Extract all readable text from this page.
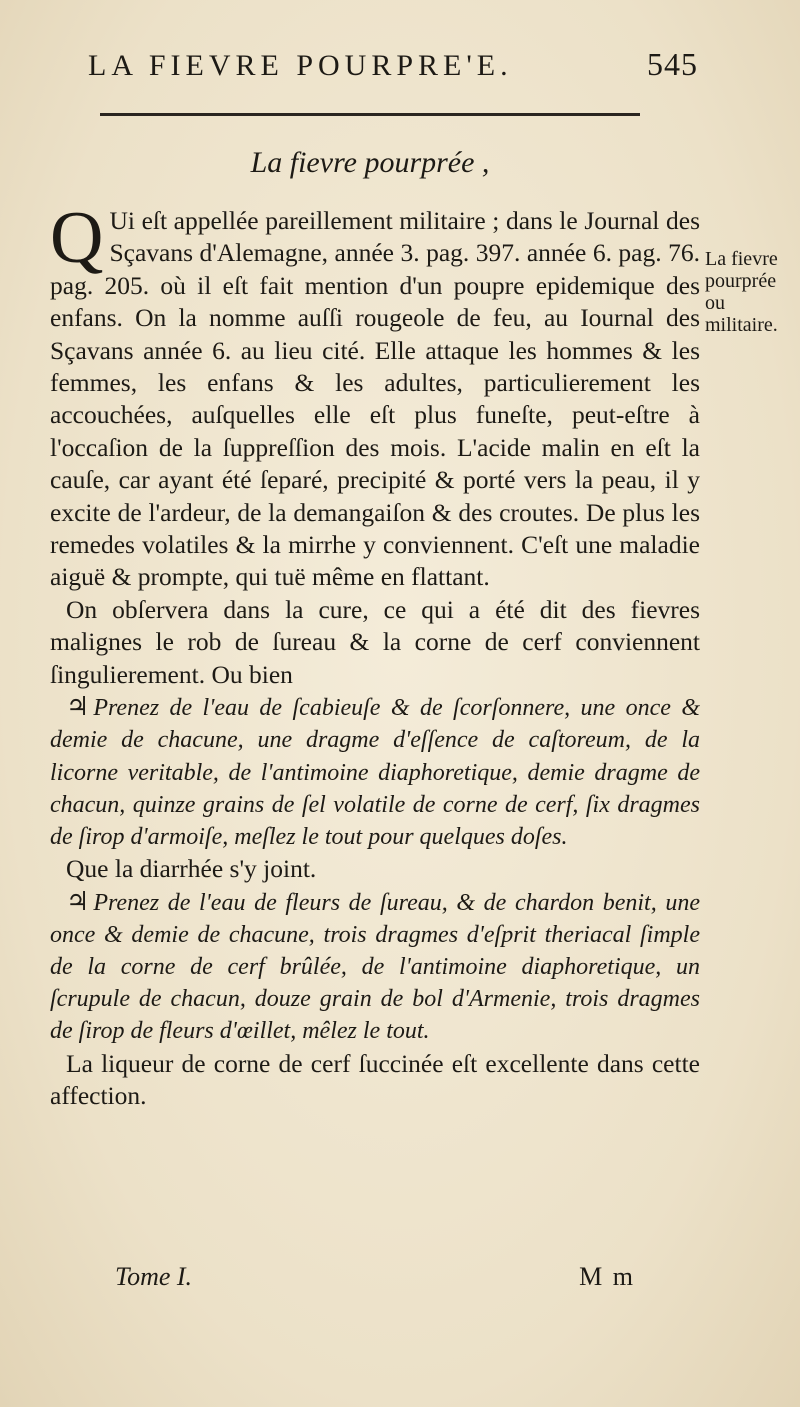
LA FIEVRE POURPRE'E.	545
La fievre pourprée ,

Q Ui eſt appellée pareillement militaire ; dans le Journal des Sçavans d'Alemagne, année 3. pag. 397. année 6. pag. 76. pag. 205. où il eſt fait mention d'un poupre epidemique des enfans. On la nomme auſſi rougeole de feu, au Iournal des Sçavans année 6. au lieu cité. Elle attaque les hommes & les femmes, les enfans & les adultes, particulierement les accouchées, auſquelles elle eſt plus funeſte, peut-eſtre à l'occaſion de la ſuppreſſion des mois. L'acide malin en eſt la cauſe, car ayant été ſeparé, precipité & porté vers la peau, il y excite de l'ardeur, de la demangaiſon & des croutes. De plus les remedes volatiles & la mirrhe y conviennent. C'eſt une maladie aiguë & prompte, qui tuë même en flattant.

On obſervera dans la cure, ce qui a été dit des fievres malignes le rob de ſureau & la corne de cerf conviennent ſingulierement. Ou bien

♃ Prenez de l'eau de ſcabieuſe & de ſcorſonnere, une once & demie de chacune, une dragme d'eſſence de caſtoreum, de la licorne veritable, de l'antimoine diaphoretique, demie dragme de chacun, quinze grains de ſel volatile de corne de cerf, ſix dragmes de ſirop d'armoiſe, meſlez le tout pour quelques doſes.

Que la diarrhée s'y joint.

♃ Prenez de l'eau de fleurs de ſureau, & de chardon benit, une once & demie de chacune, trois dragmes d'eſprit theriacal ſimple de la corne de cerf brûlée, de l'antimoine diaphoretique, un ſcrupule de chacun, douze grain de bol d'Armenie, trois dragmes de ſirop de fleurs d'œillet, mêlez le tout.

La liqueur de corne de cerf ſuccinée eſt excellente dans cette affection.

La fievre pourprée ou militaire.
Tome I.	M m
